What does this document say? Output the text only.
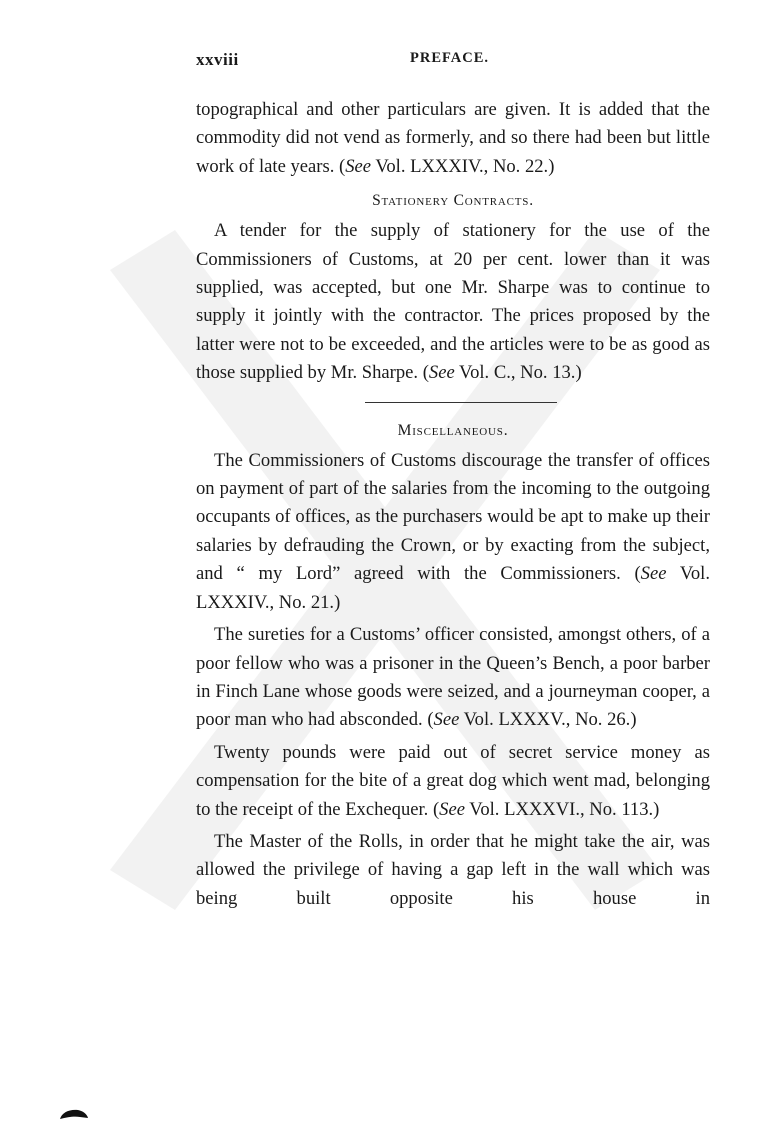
xxviii	PREFACE.

topographical and other particulars are given. It is added that the commodity did not vend as formerly, and so there had been but little work of late years. (See Vol. LXXXIV., No. 22.)

Stationery Contracts.

A tender for the supply of stationery for the use of the Commissioners of Customs, at 20 per cent. lower than it was supplied, was accepted, but one Mr. Sharpe was to continue to supply it jointly with the contractor. The prices proposed by the latter were not to be exceeded, and the articles were to be as good as those supplied by Mr. Sharpe. (See Vol. C., No. 13.)

Miscellaneous.

The Commissioners of Customs discourage the transfer of offices on payment of part of the salaries from the incoming to the outgoing occupants of offices, as the purchasers would be apt to make up their salaries by defrauding the Crown, or by exacting from the subject, and “ my Lord” agreed with the Commissioners. (See Vol. LXXXIV., No. 21.)

The sureties for a Customs’ officer consisted, amongst others, of a poor fellow who was a prisoner in the Queen’s Bench, a poor barber in Finch Lane whose goods were seized, and a journeyman cooper, a poor man who had absconded. (See Vol. LXXXV., No. 26.)

Twenty pounds were paid out of secret service money as compensation for the bite of a great dog which went mad, belonging to the receipt of the Exchequer. (See Vol. LXXXVI., No. 113.)

The Master of the Rolls, in order that he might take the air, was allowed the privilege of having a gap left in the wall which was being built opposite his house in
